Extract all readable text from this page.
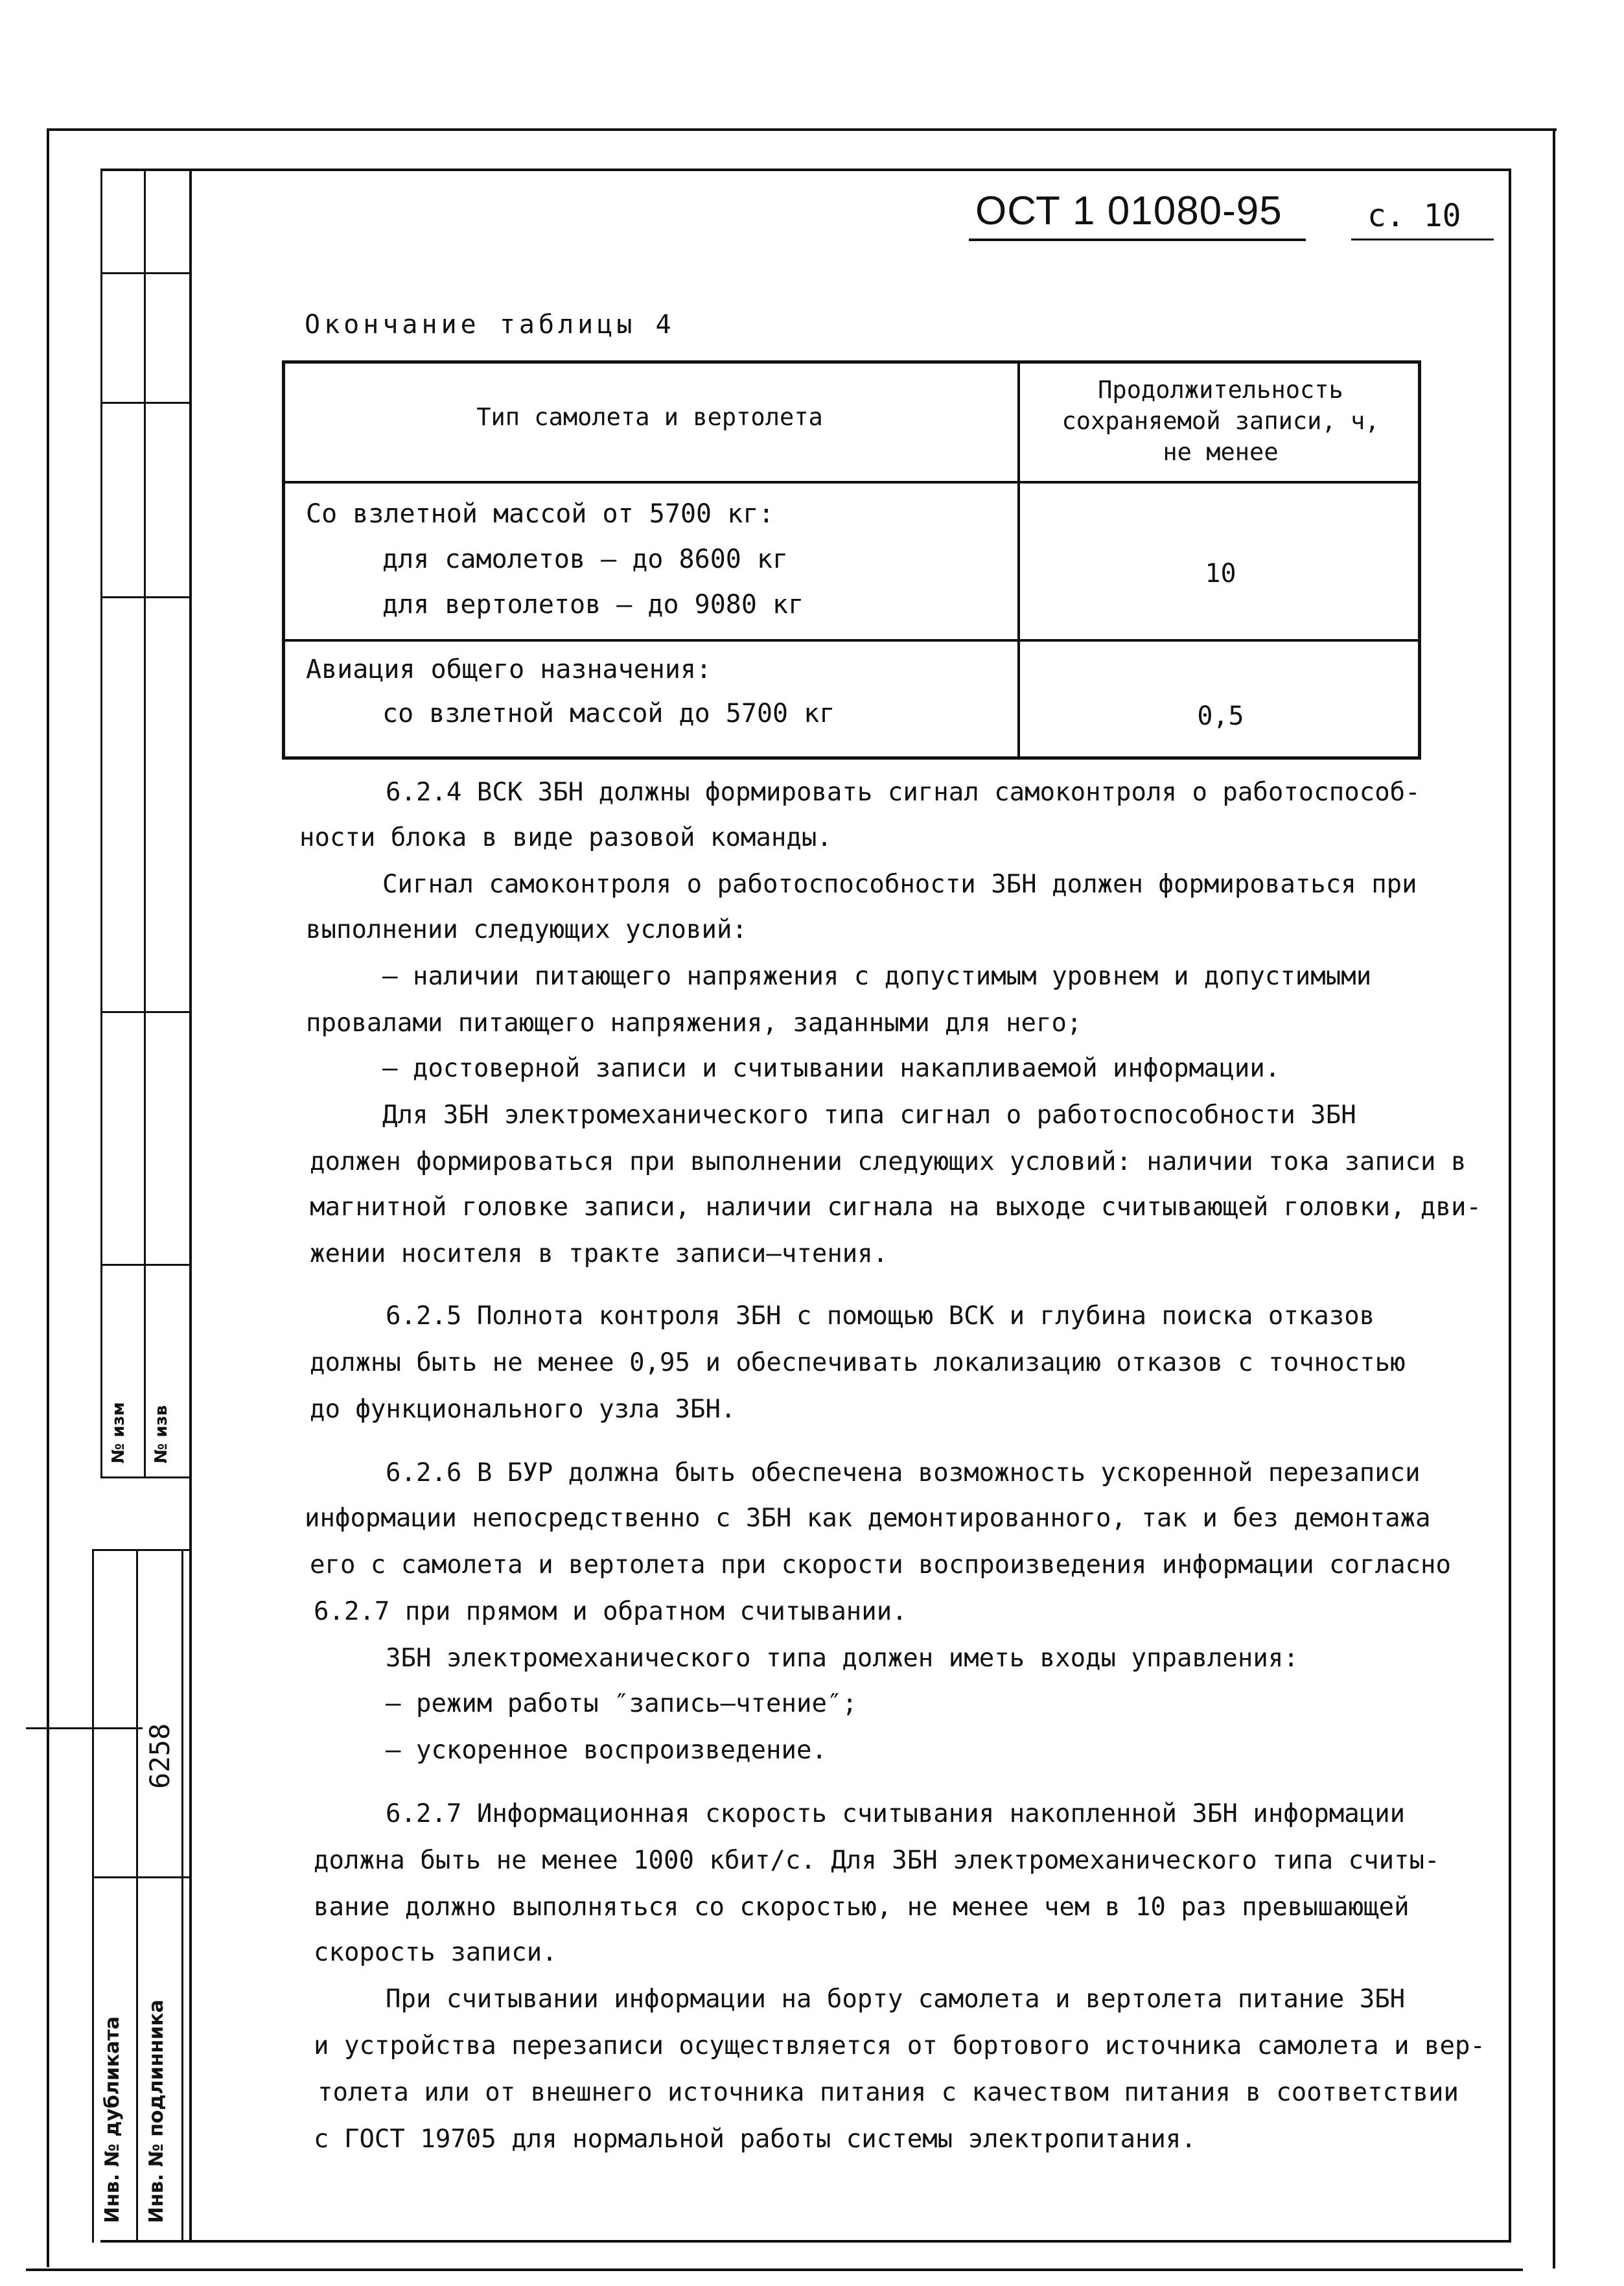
№ изм № изв
Инв. № дубликата Инв. № подлинника
6258
ОСТ 1 01080-95	с. 10
Окончание таблицы 4
Тип самолета и вертолета
Продолжительность
сохраняемой записи, ч,
не менее
Со взлетной массой от 5700 кг:
для самолетов – до 8600 кг
для вертолетов – до 9080 кг
10
Авиация общего назначения:
со взлетной массой до 5700 кг	0,5
6.2.4 ВСК ЗБН должны формировать сигнал самоконтроля о работоспособ-
ности блока в виде разовой команды.
Сигнал самоконтроля о работоспособности ЗБН должен формироваться при
выполнении следующих условий:
– наличии питающего напряжения с допустимым уровнем и допустимыми
провалами питающего напряжения, заданными для него;
– достоверной записи и считывании накапливаемой информации.
Для ЗБН электромеханического типа сигнал о работоспособности ЗБН
должен формироваться при выполнении следующих условий: наличии тока записи в
магнитной головке записи, наличии сигнала на выходе считывающей головки, дви-
жении носителя в тракте записи–чтения.
6.2.5 Полнота контроля ЗБН с помощью ВСК и глубина поиска отказов
должны быть не менее 0,95 и обеспечивать локализацию отказов с точностью
до функционального узла ЗБН.
6.2.6 В БУР должна быть обеспечена возможность ускоренной перезаписи
информации непосредственно с ЗБН как демонтированного, так и без демонтажа
его с самолета и вертолета при скорости воспроизведения информации согласно
6.2.7 при прямом и обратном считывании.
ЗБН электромеханического типа должен иметь входы управления:
– режим работы ″запись–чтение″;
– ускоренное воспроизведение.
6.2.7 Информационная скорость считывания накопленной ЗБН информации
должна быть не менее 1000 кбит/с. Для ЗБН электромеханического типа считы-
вание должно выполняться со скоростью, не менее чем в 10 раз превышающей
скорость записи.
При считывании информации на борту самолета и вертолета питание ЗБН
и устройства перезаписи осуществляется от бортового источника самолета и вер-
толета или от внешнего источника питания с качеством питания в соответствии
с ГОСТ 19705 для нормальной работы системы электропитания.
